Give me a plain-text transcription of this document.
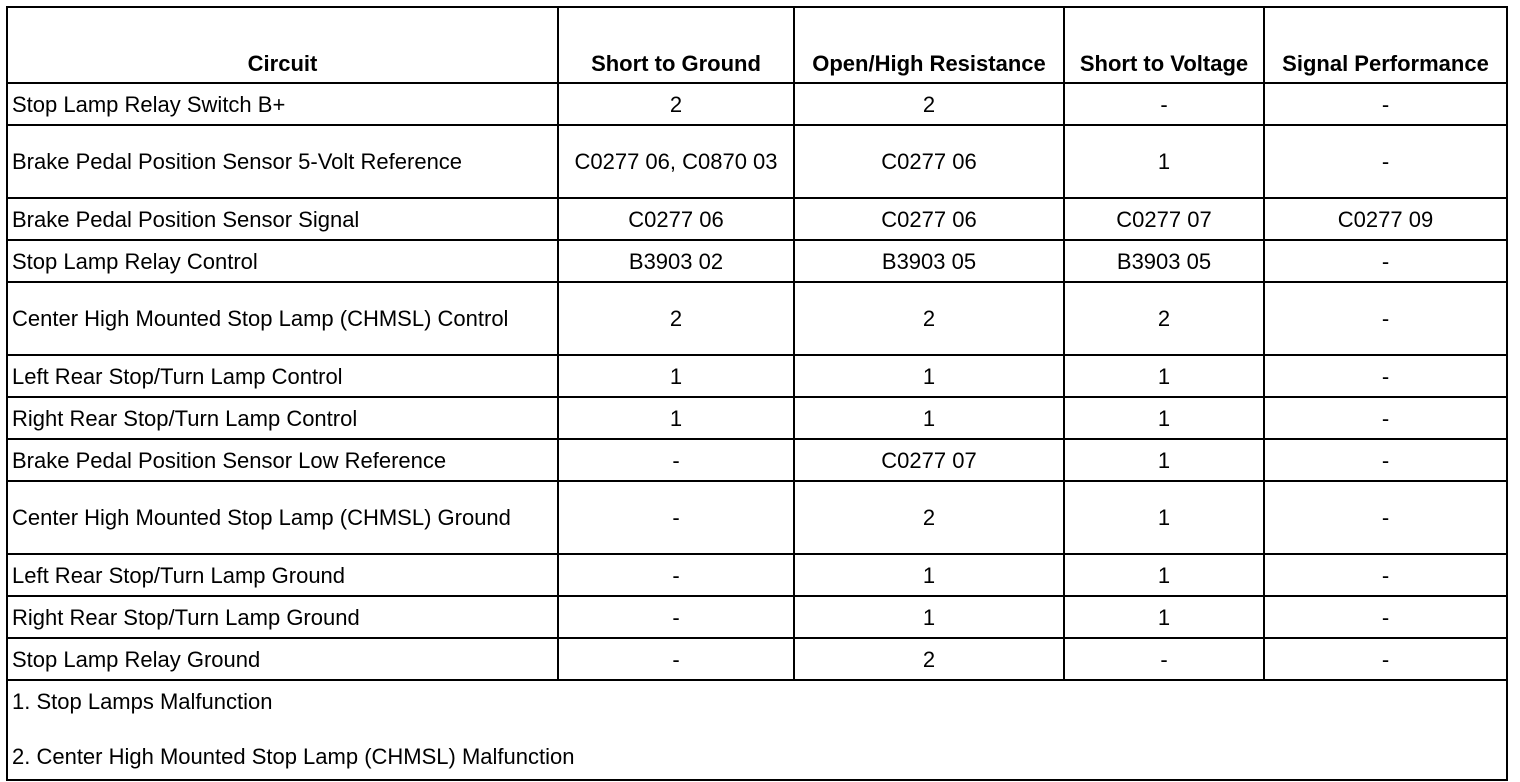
Circuit	Short to Ground	Open/High Resistance	Short to Voltage	Signal Performance
Stop Lamp Relay Switch B+	2	2	-	-
Brake Pedal Position Sensor 5-Volt Reference	C0277 06, C0870 03	C0277 06	1	-
Brake Pedal Position Sensor Signal	C0277 06	C0277 06	C0277 07	C0277 09
Stop Lamp Relay Control	B3903 02	B3903 05	B3903 05	-
Center High Mounted Stop Lamp (CHMSL) Control	2	2	2	-
Left Rear Stop/Turn Lamp Control	1	1	1	-
Right Rear Stop/Turn Lamp Control	1	1	1	-
Brake Pedal Position Sensor Low Reference	-	C0277 07	1	-
Center High Mounted Stop Lamp (CHMSL) Ground	-	2	1	-
Left Rear Stop/Turn Lamp Ground	-	1	1	-
Right Rear Stop/Turn Lamp Ground	-	1	1	-
Stop Lamp Relay Ground	-	2	-	-

1. Stop Lamps Malfunction
2. Center High Mounted Stop Lamp (CHMSL) Malfunction				
